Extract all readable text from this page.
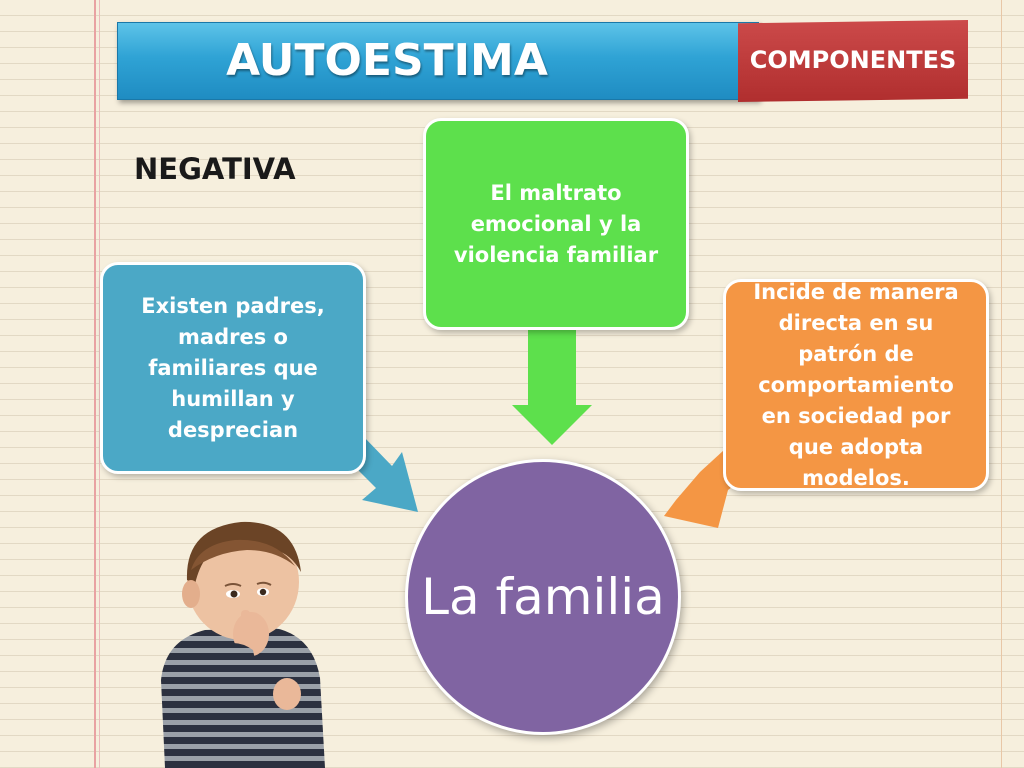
AUTOESTIMA	COMPONENTES
NEGATIVA
El maltrato emocional y la violencia familiar
Existen padres, madres o familiares que humillan y desprecian
Incide de manera directa en su patrón de comportamiento en sociedad por que adopta modelos.
La familia
